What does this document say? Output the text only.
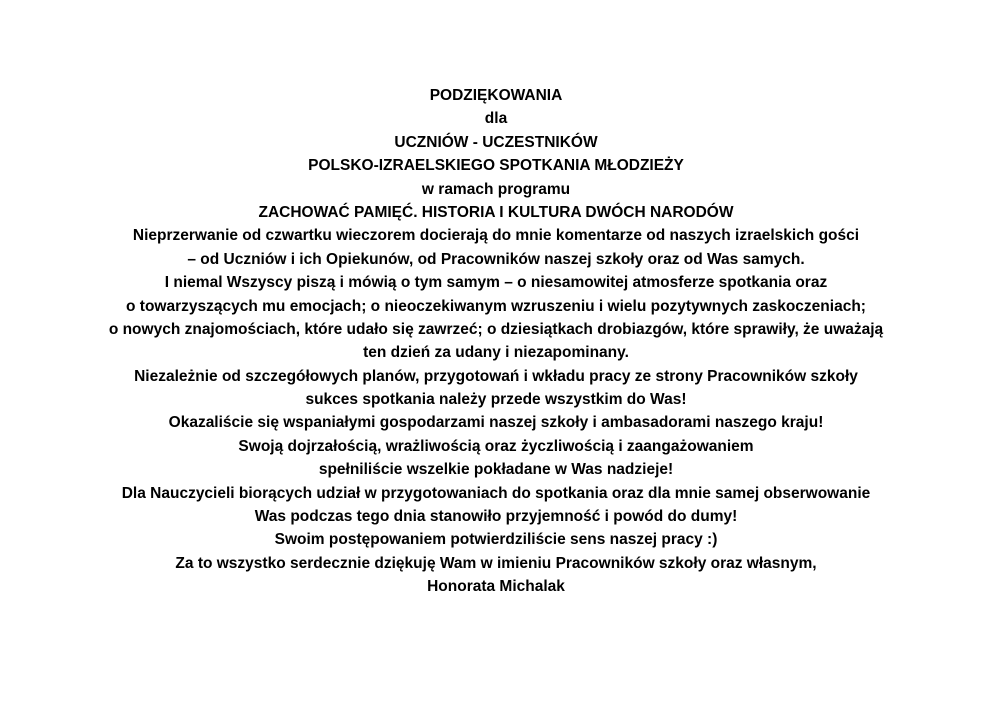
PODZIĘKOWANIA
dla
UCZNIÓW - UCZESTNIKÓW
POLSKO-IZRAELSKIEGO SPOTKANIA MŁODZIEŻY
w ramach programu
ZACHOWAĆ PAMIĘĆ. HISTORIA I KULTURA DWÓCH NARODÓW
Nieprzerwanie od czwartku wieczorem docierają do mnie komentarze od naszych izraelskich gości
– od Uczniów i ich Opiekunów, od Pracowników naszej szkoły oraz od Was samych.
I niemal Wszyscy piszą i mówią o tym samym – o niesamowitej atmosferze spotkania oraz
o towarzyszących mu emocjach; o nieoczekiwanym wzruszeniu i wielu pozytywnych zaskoczeniach;
o nowych znajomościach, które udało się zawrzeć; o dziesiątkach drobiazgów, które sprawiły, że uważają
ten dzień za udany i niezapominany.
Niezależnie od szczegółowych planów, przygotowań i wkładu pracy ze strony Pracowników szkoły
sukces spotkania należy przede wszystkim do Was!
Okazaliście się wspaniałymi gospodarzami naszej szkoły i ambasadorami naszego kraju!
Swoją dojrzałością, wrażliwością oraz życzliwością i zaangażowaniem
spełniliście wszelkie pokładane w Was nadzieje!
Dla Nauczycieli biorących udział w przygotowaniach do spotkania oraz dla mnie samej obserwowanie
Was podczas tego dnia stanowiło przyjemność i powód do dumy!
Swoim postępowaniem potwierdziliście sens naszej pracy :)
Za to wszystko serdecznie dziękuję Wam w imieniu Pracowników szkoły oraz własnym,
Honorata Michalak
